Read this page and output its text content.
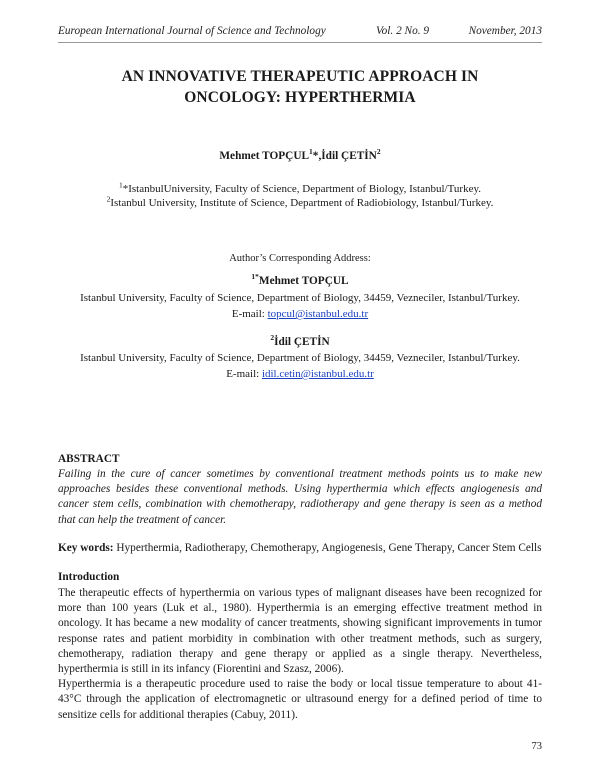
European International Journal of Science and Technology	Vol. 2 No. 9	November, 2013
AN INNOVATIVE THERAPEUTIC APPROACH IN
ONCOLOGY: HYPERTHERMIA
Mehmet TOPÇUL$^1$*,İdil ÇETİN$^2$
$^1$*IstanbulUniversity, Faculty of Science, Department of Biology, Istanbul/Turkey.
$^2$Istanbul University, Institute of Science, Department of Radiobiology, Istanbul/Turkey.
Author’s Corresponding Address:
$^{1*}$Mehmet TOPÇUL
Istanbul University, Faculty of Science, Department of Biology, 34459, Vezneciler, Istanbul/Turkey.
E-mail: topcul@istanbul.edu.tr
$^2$İdil ÇETİN
Istanbul University, Faculty of Science, Department of Biology, 34459, Vezneciler, Istanbul/Turkey.
E-mail: idil.cetin@istanbul.edu.tr
ABSTRACT
Failing in the cure of cancer sometimes by conventional treatment methods points us to make new approaches besides these conventional methods. Using hyperthermia which effects angiogenesis and cancer stem cells, combination with chemotherapy, radiotherapy and gene therapy is seen as a method that can help the treatment of cancer.
Key words: Hyperthermia, Radiotherapy, Chemotherapy, Angiogenesis, Gene Therapy, Cancer Stem Cells
Introduction

The therapeutic effects of hyperthermia on various types of malignant diseases have been recognized for more than 100 years (Luk et al., 1980). Hyperthermia is an emerging effective treatment method in oncology. It has became a new modality of cancer treatments, showing significant improvements in tumor response rates and patient morbidity in combination with other treatment methods, such as surgery, chemotherapy, radiation therapy and gene therapy or applied as a single therapy. Nevertheless, hyperthermia is still in its infancy (Fiorentini and Szasz, 2006).

Hyperthermia is a therapeutic procedure used to raise the body or local tissue temperature to about 41-43°C through the application of electromagnetic or ultrasound energy for a defined period of time to sensitize cells for additional therapies (Cabuy, 2011).

73
